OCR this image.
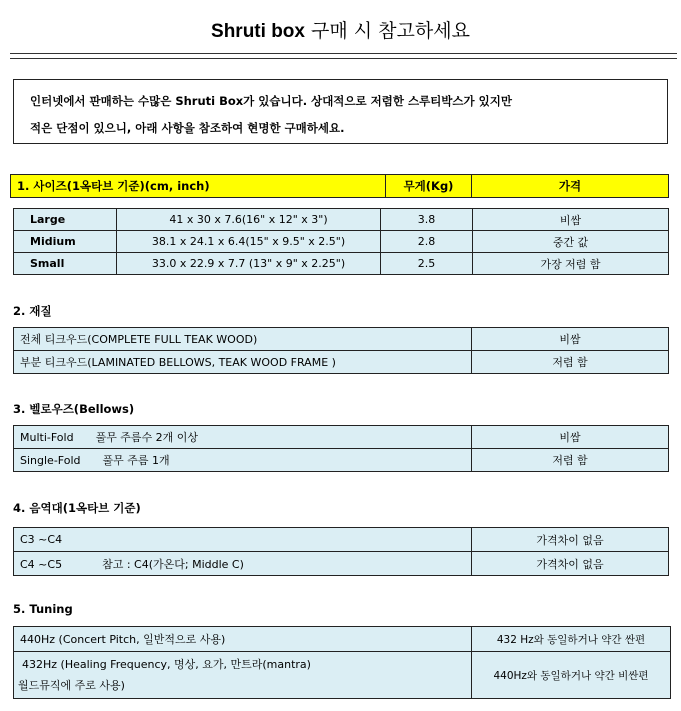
Shruti box 구매 시 참고하세요
인터넷에서 판매하는 수많은 Shruti Box가 있습니다. 상대적으로 저렴한 스루티박스가 있지만
적은 단점이 있으니, 아래 사항을 참조하여 현명한 구매하세요.
1. 사이즈(1옥타브 기준)(cm, inch)	무게(Kg)	가격
Large	41 x 30 x 7.6(16" x 12" x 3")	3.8	비쌈
Midium	38.1 x 24.1 x 6.4(15" x 9.5" x 2.5")	2.8	중간 값
Small	33.0 x 22.9 x 7.7 (13" x 9" x 2.25")	2.5	가장 저렴 함
2. 재질
전체 티크우드(COMPLETE FULL TEAK WOOD)	비쌈
부분 티크우드(LAMINATED BELLOWS, TEAK WOOD FRAME )	저렴 함
3. 벨로우즈(Bellows)
Multi-Fold 풀무 주름수 2개 이상	비쌈
Single-Fold 풀무 주름 1개	저렴 함
4. 음역대(1옥타브 기준)
C3 ~C4	가격차이 없음
C4 ~C5 참고 : C4(가온다; Middle C)	가격차이 없음
5. Tuning
440Hz (Concert Pitch, 일반적으로 사용)	432 Hz와 동일하거나 약간 싼편

432Hz (Healing Frequency, 명상, 요가, 만트라(mantra)
월드뮤직에 주로 사용)	440Hz와 동일하거나 약간 비싼편
